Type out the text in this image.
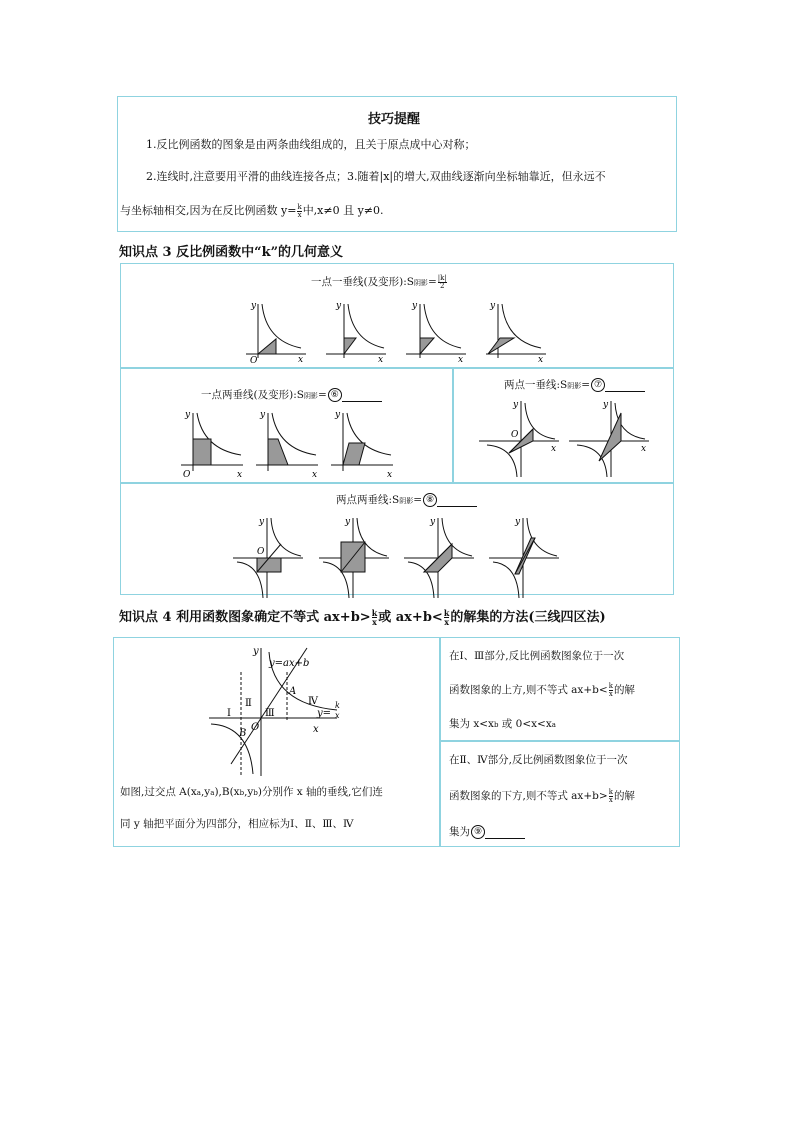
技巧提醒

1.反比例函数的图象是由两条曲线组成的，且关于原点成中心对称；

2.连线时,注意要用平滑的曲线连接各点；3.随着|x|的增大,双曲线逐渐向坐标轴靠近，但永远不

与坐标轴相交,因为在反比例函数 $y= \frac{k}{x}$ 中,x≠0 且 y≠0.

知识点 3 反比例函数中“k”的几何意义
一点一垂线(及变形):S阴影= $\frac{|k|}{2}$
y
O	x
y
x
y
x
y
x
一点两垂线(及变形):S阴影= ⑥
y
O	x
y
x
y
x
两点一垂线:S阴影= ⑦
y
O
x
y
x
两点两垂线:S阴影= ⑧
y
O
y	y	y
知识点 4 利用函数图象确定不等式 $ax+b> \frac{k}{x}$ 或 $ax+b< \frac{k}{x}$ 的解集的方法(三线四区法)
y
y=ax+b
A
Ⅳ
y=
k
x
Ⅱ
Ⅲ
Ⅰ
O
B	x
如图,过交点 A(xa,ya),B(xb,yb)分别作 x 轴的垂线,它们连
同 y 轴把平面分为四部分，相应标为Ⅰ、Ⅱ、Ⅲ、Ⅳ
在Ⅰ、Ⅲ部分,反比例函数图象位于一次
函数图象的上方,则不等式 $ax+b< \frac{k}{x}$ 的解
集为 x<xb 或 0<x<xa
在Ⅱ、Ⅳ部分,反比例函数图象位于一次
函数图象的下方,则不等式 $ax+b> \frac{k}{x}$ 的解
集为 ⑨
